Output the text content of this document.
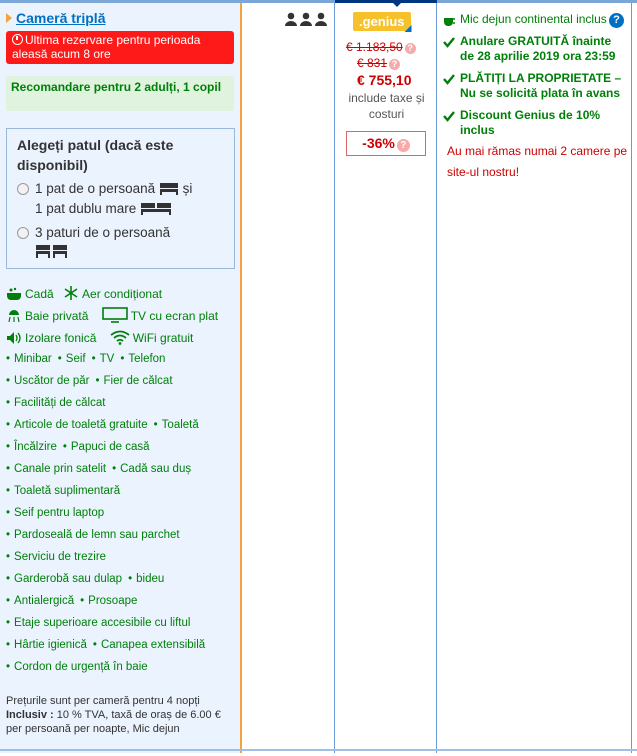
Cameră triplă
Ultima rezervare pentru perioada aleasă acum 8 ore
Recomandare pentru 2 adulți, 1 copil
Alegeți patul (dacă este disponibil)
1 pat de o persoană și
1 pat dublu mare
3 paturi de o persoană

Cadă Aer condiționat
Baie privată	TV cu ecran plat
Izolare fonică	WiFi gratuit
• Minibar • Seif • TV • Telefon
• Uscător de păr • Fier de călcat
• Facilități de călcat
• Articole de toaletă gratuite • Toaletă
• Încălzire • Papuci de casă
• Canale prin satelit • Cadă sau duș
• Toaletă suplimentară
• Seif pentru laptop
• Pardoseală de lemn sau parchet
• Serviciu de trezire
• Garderobă sau dulap • bideu
• Antialergică • Prosoape
• Etaje superioare accesibile cu liftul
• Hârtie igienică • Canapea extensibilă
• Cordon de urgență în baie
Prețurile sunt per cameră pentru 4 nopți
Inclusiv : 10 % TVA, taxă de oraș de 6.00 € per persoană per noapte, Mic dejun
.genius
€ 1.183,50 ?
€ 831 ?
€ 755,10
include taxe și costuri
-36% ?
Mic dejun continental inclus
Anulare GRATUITĂ înainte de 28 aprilie 2019 ora 23:59
PLĂTIȚI LA PROPRIETATE – Nu se solicită plata în avans
Discount Genius de 10% inclus
Au mai rămas numai 2 camere pe site-ul nostru!
?
